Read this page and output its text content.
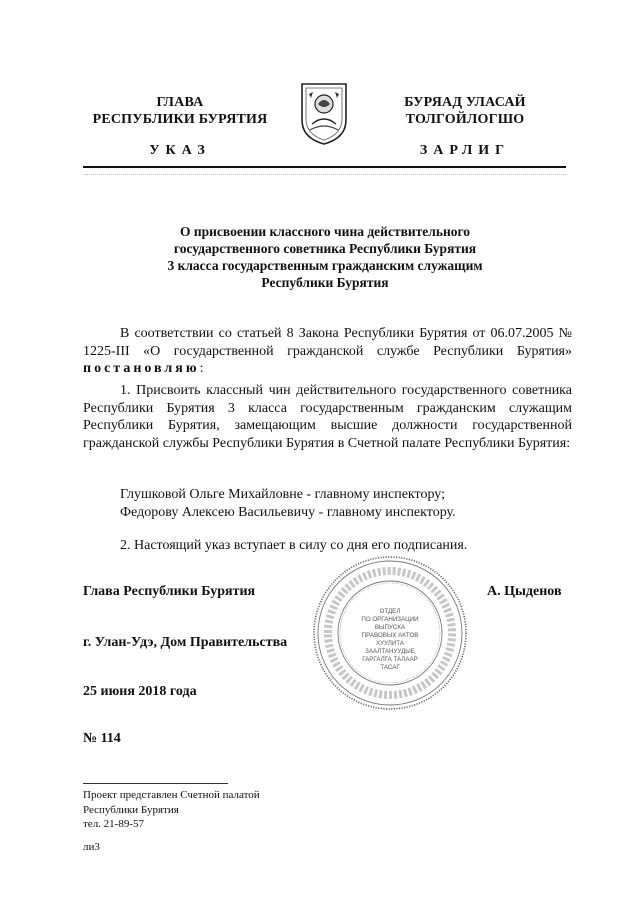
ГЛАВА
РЕСПУБЛИКИ БУРЯТИЯ
БУРЯАД УЛАСАЙ
ТОЛГОЙЛОГШО
УКАЗ	ЗАРЛИГ
О присвоении классного чина действительного
государственного советника Республики Бурятия
3 класса государственным гражданским служащим
Республики Бурятия
В соответствии со статьей 8 Закона Республики Бурятия от 06.07.2005 № 1225-III «О государственной гражданской службе Республики Бурятия» постановляю:
1. Присвоить классный чин действительного государственного советника Республики Бурятия 3 класса государственным гражданским служащим Республики Бурятия, замещающим высшие должности государственной гражданской службы Республики Бурятия в Счетной палате Республики Бурятия:
Глушковой Ольге Михайловне - главному инспектору;
Федорову Алексею Васильевичу - главному инспектору.
2. Настоящий указ вступает в силу со дня его подписания.
Глава Республики Бурятия	А. Цыденов
г. Улан-Удэ, Дом Правительства
25 июня 2018 года
№ 114
ОТДЕЛ
ПО ОРГАНИЗАЦИИ
ВЫПУСКА
ПРАВОВЫХ АКТОВ
ХУУЛИТА
ЗААЛТАНУУДЫЕ
ГАРГАЛГА ТАЛААР
ТАСАГ
Проект представлен Счетной палатой
Республики Бурятия
тел. 21-89-57
ли3
